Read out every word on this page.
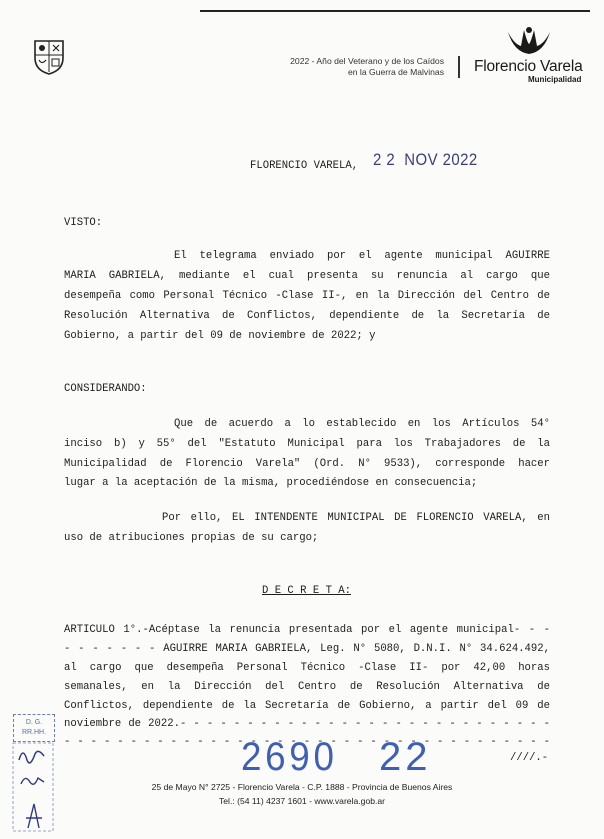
2022 - Año del Veterano y de los Caídos
en la Guerra de Malvinas Florencio Varela
Municipalidad
FLORENCIO VARELA, 2 2  NOV 2022
VISTO:
El telegrama enviado por el agente municipal AGUIRRE
MARIA GABRIELA, mediante el cual presenta su renuncia al cargo que
desempeña como Personal Técnico -Clase II-, en la Dirección del Centro de
Resolución Alternativa de Conflictos, dependiente de la Secretaría de
Gobierno, a partir del 09 de noviembre de 2022; y
CONSIDERANDO:
Que de acuerdo a lo establecido en los Artículos 54°
inciso b) y 55° del "Estatuto Municipal para los Trabajadores de la
Municipalidad de Florencio Varela" (Ord. N° 9533), corresponde hacer
lugar a la aceptación de la misma, procediéndose en consecuencia;
Por ello, EL INTENDENTE MUNICIPAL DE FLORENCIO VARELA, en
uso de atribuciones propias de su cargo;
D E C R E T A:
ARTICULO 1°.-Acéptase la renuncia presentada por el agente municipal- - -
- - - - - - - AGUIRRE MARIA GABRIELA, Leg. N° 5080, D.N.I. N° 34.624.492,
al cargo que desempeña Personal Técnico -Clase II- por 42,00 horas
semanales, en la Dirección del Centro de Resolución Alternativa de
Conflictos, dependiente de la Secretaría de Gobierno, a partir del 09 de
noviembre de 2022.- - - - - - - - - - - - - - - - - - - - - - - - - - - -
- - - - - - - - - - - - - - - - - - - - - - - - - - - - - - - - - - - - -
2690 22	////.-
D. G.
RR.HH.
25 de Mayo N° 2725 - Florencio Varela - C.P. 1888 - Provincia de Buenos Aires
Tel.: (54 11) 4237 1601 - www.varela.gob.ar
